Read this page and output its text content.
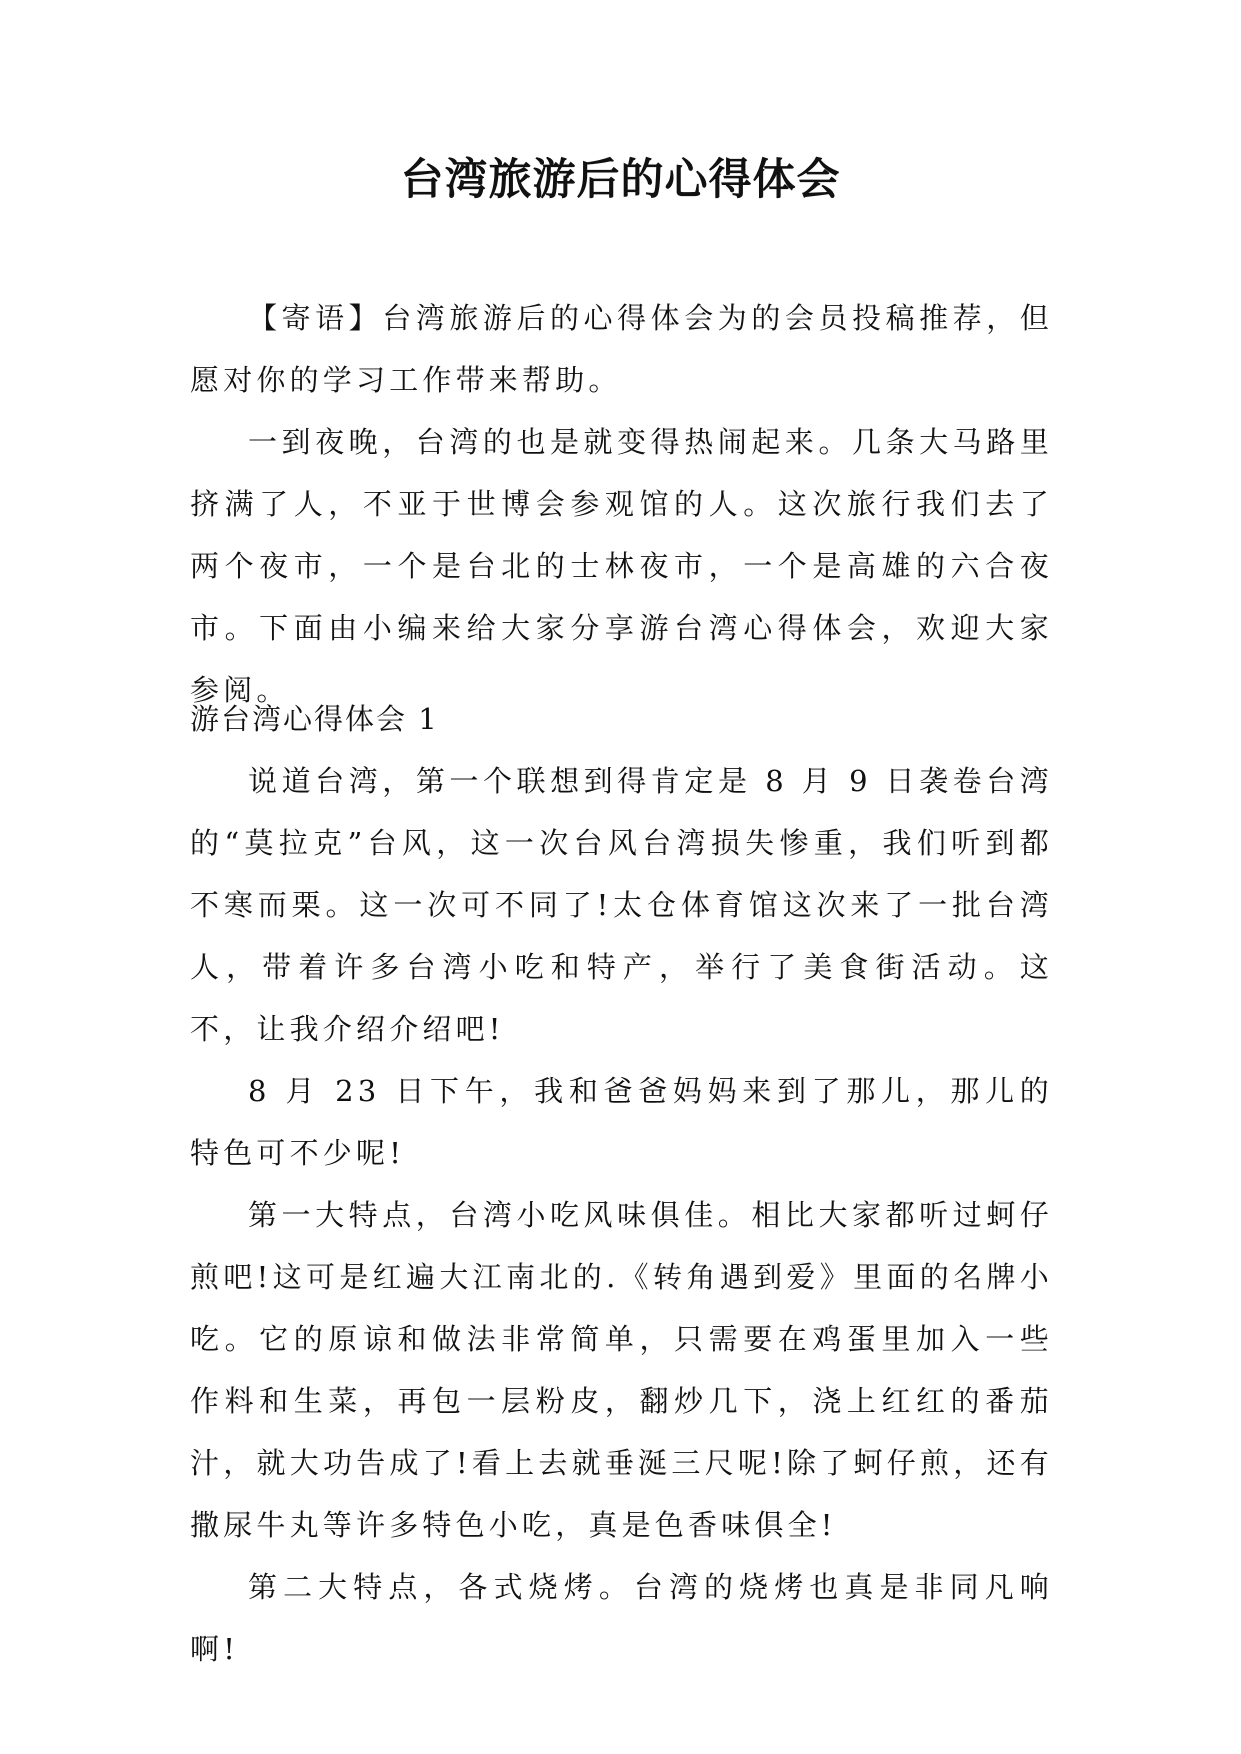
台湾旅游后的心得体会

【寄语】台湾旅游后的心得体会为的会员投稿推荐，但愿对你的学习工作带来帮助。

一到夜晚，台湾的也是就变得热闹起来。几条大马路里挤满了人，不亚于世博会参观馆的人。这次旅行我们去了两个夜市，一个是台北的士林夜市，一个是高雄的六合夜市。下面由小编来给大家分享游台湾心得体会，欢迎大家参阅。

游台湾心得体会 1

说道台湾，第一个联想到得肯定是 8 月 9 日袭卷台湾的“莫拉克”台风，这一次台风台湾损失惨重，我们听到都不寒而栗。这一次可不同了!太仓体育馆这次来了一批台湾人，带着许多台湾小吃和特产，举行了美食街活动。这不，让我介绍介绍吧!

8 月 23 日下午，我和爸爸妈妈来到了那儿，那儿的特色可不少呢!

第一大特点，台湾小吃风味俱佳。相比大家都听过蚵仔煎吧!这可是红遍大江南北的.《转角遇到爱》里面的名牌小吃。它的原谅和做法非常简单，只需要在鸡蛋里加入一些作料和生菜，再包一层粉皮，翻炒几下，浇上红红的番茄汁，就大功告成了!看上去就垂涎三尺呢!除了蚵仔煎，还有撒尿牛丸等许多特色小吃，真是色香味俱全!

第二大特点，各式烧烤。台湾的烧烤也真是非同凡响啊!
